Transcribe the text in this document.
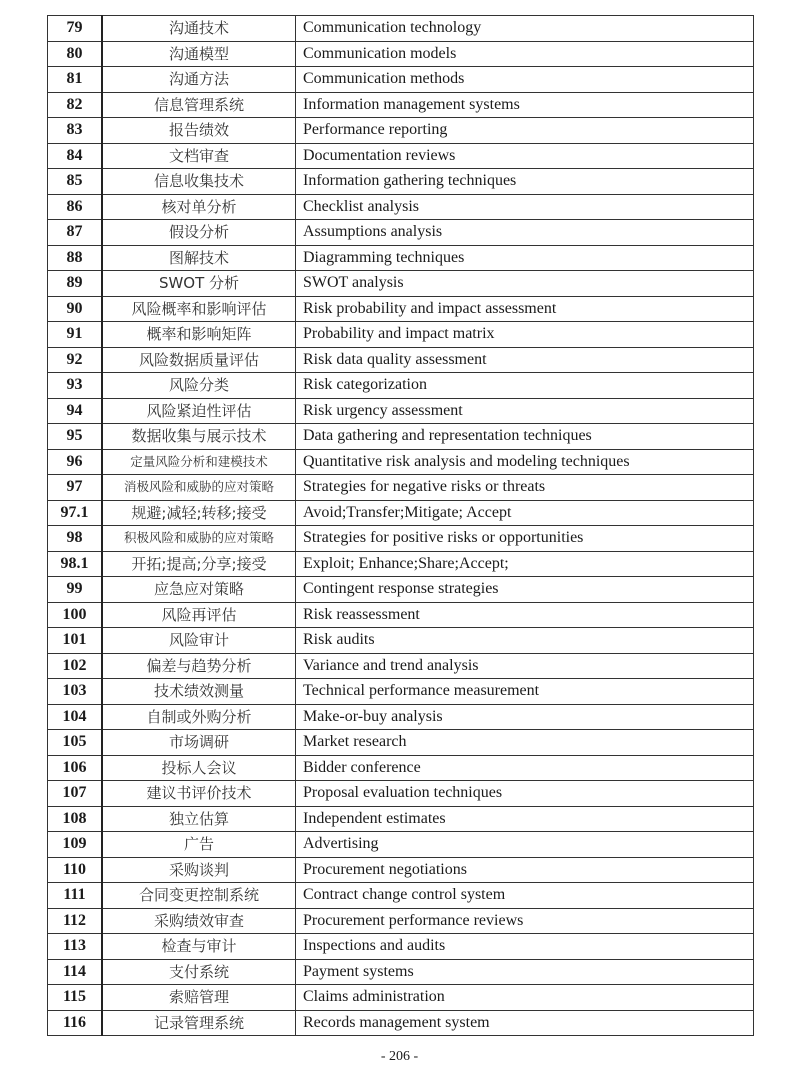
79	沟通技术	Communication technology
80	沟通模型	Communication models
81	沟通方法	Communication methods
82	信息管理系统	Information management systems
83	报告绩效	Performance reporting
84	文档审查	Documentation reviews
85	信息收集技术	Information gathering techniques
86	核对单分析	Checklist analysis
87	假设分析	Assumptions analysis
88	图解技术	Diagramming techniques
89	SWOT 分析	SWOT analysis
90	风险概率和影响评估	Risk probability and impact assessment
91	概率和影响矩阵	Probability and impact matrix
92	风险数据质量评估	Risk data quality assessment
93	风险分类	Risk categorization
94	风险紧迫性评估	Risk urgency assessment
95	数据收集与展示技术	Data gathering and representation techniques
96	定量风险分析和建模技术	Quantitative risk analysis and modeling techniques
97	消极风险和威胁的应对策略	Strategies for negative risks or threats
97.1	规避;减轻;转移;接受	Avoid;Transfer;Mitigate; Accept
98	积极风险和威胁的应对策略	Strategies for positive risks or opportunities
98.1	开拓;提高;分享;接受	Exploit; Enhance;Share;Accept;
99	应急应对策略	Contingent response strategies
100	风险再评估	Risk reassessment
101	风险审计	Risk audits
102	偏差与趋势分析	Variance and trend analysis
103	技术绩效测量	Technical performance measurement
104	自制或外购分析	Make-or-buy analysis
105	市场调研	Market research
106	投标人会议	Bidder conference
107	建议书评价技术	Proposal evaluation techniques
108	独立估算	Independent estimates
109	广告	Advertising
110	采购谈判	Procurement negotiations
111	合同变更控制系统	Contract change control system
112	采购绩效审查	Procurement performance reviews
113	检查与审计	Inspections and audits
114	支付系统	Payment systems
115	索赔管理	Claims administration
116	记录管理系统	Records management system
- 206 -
